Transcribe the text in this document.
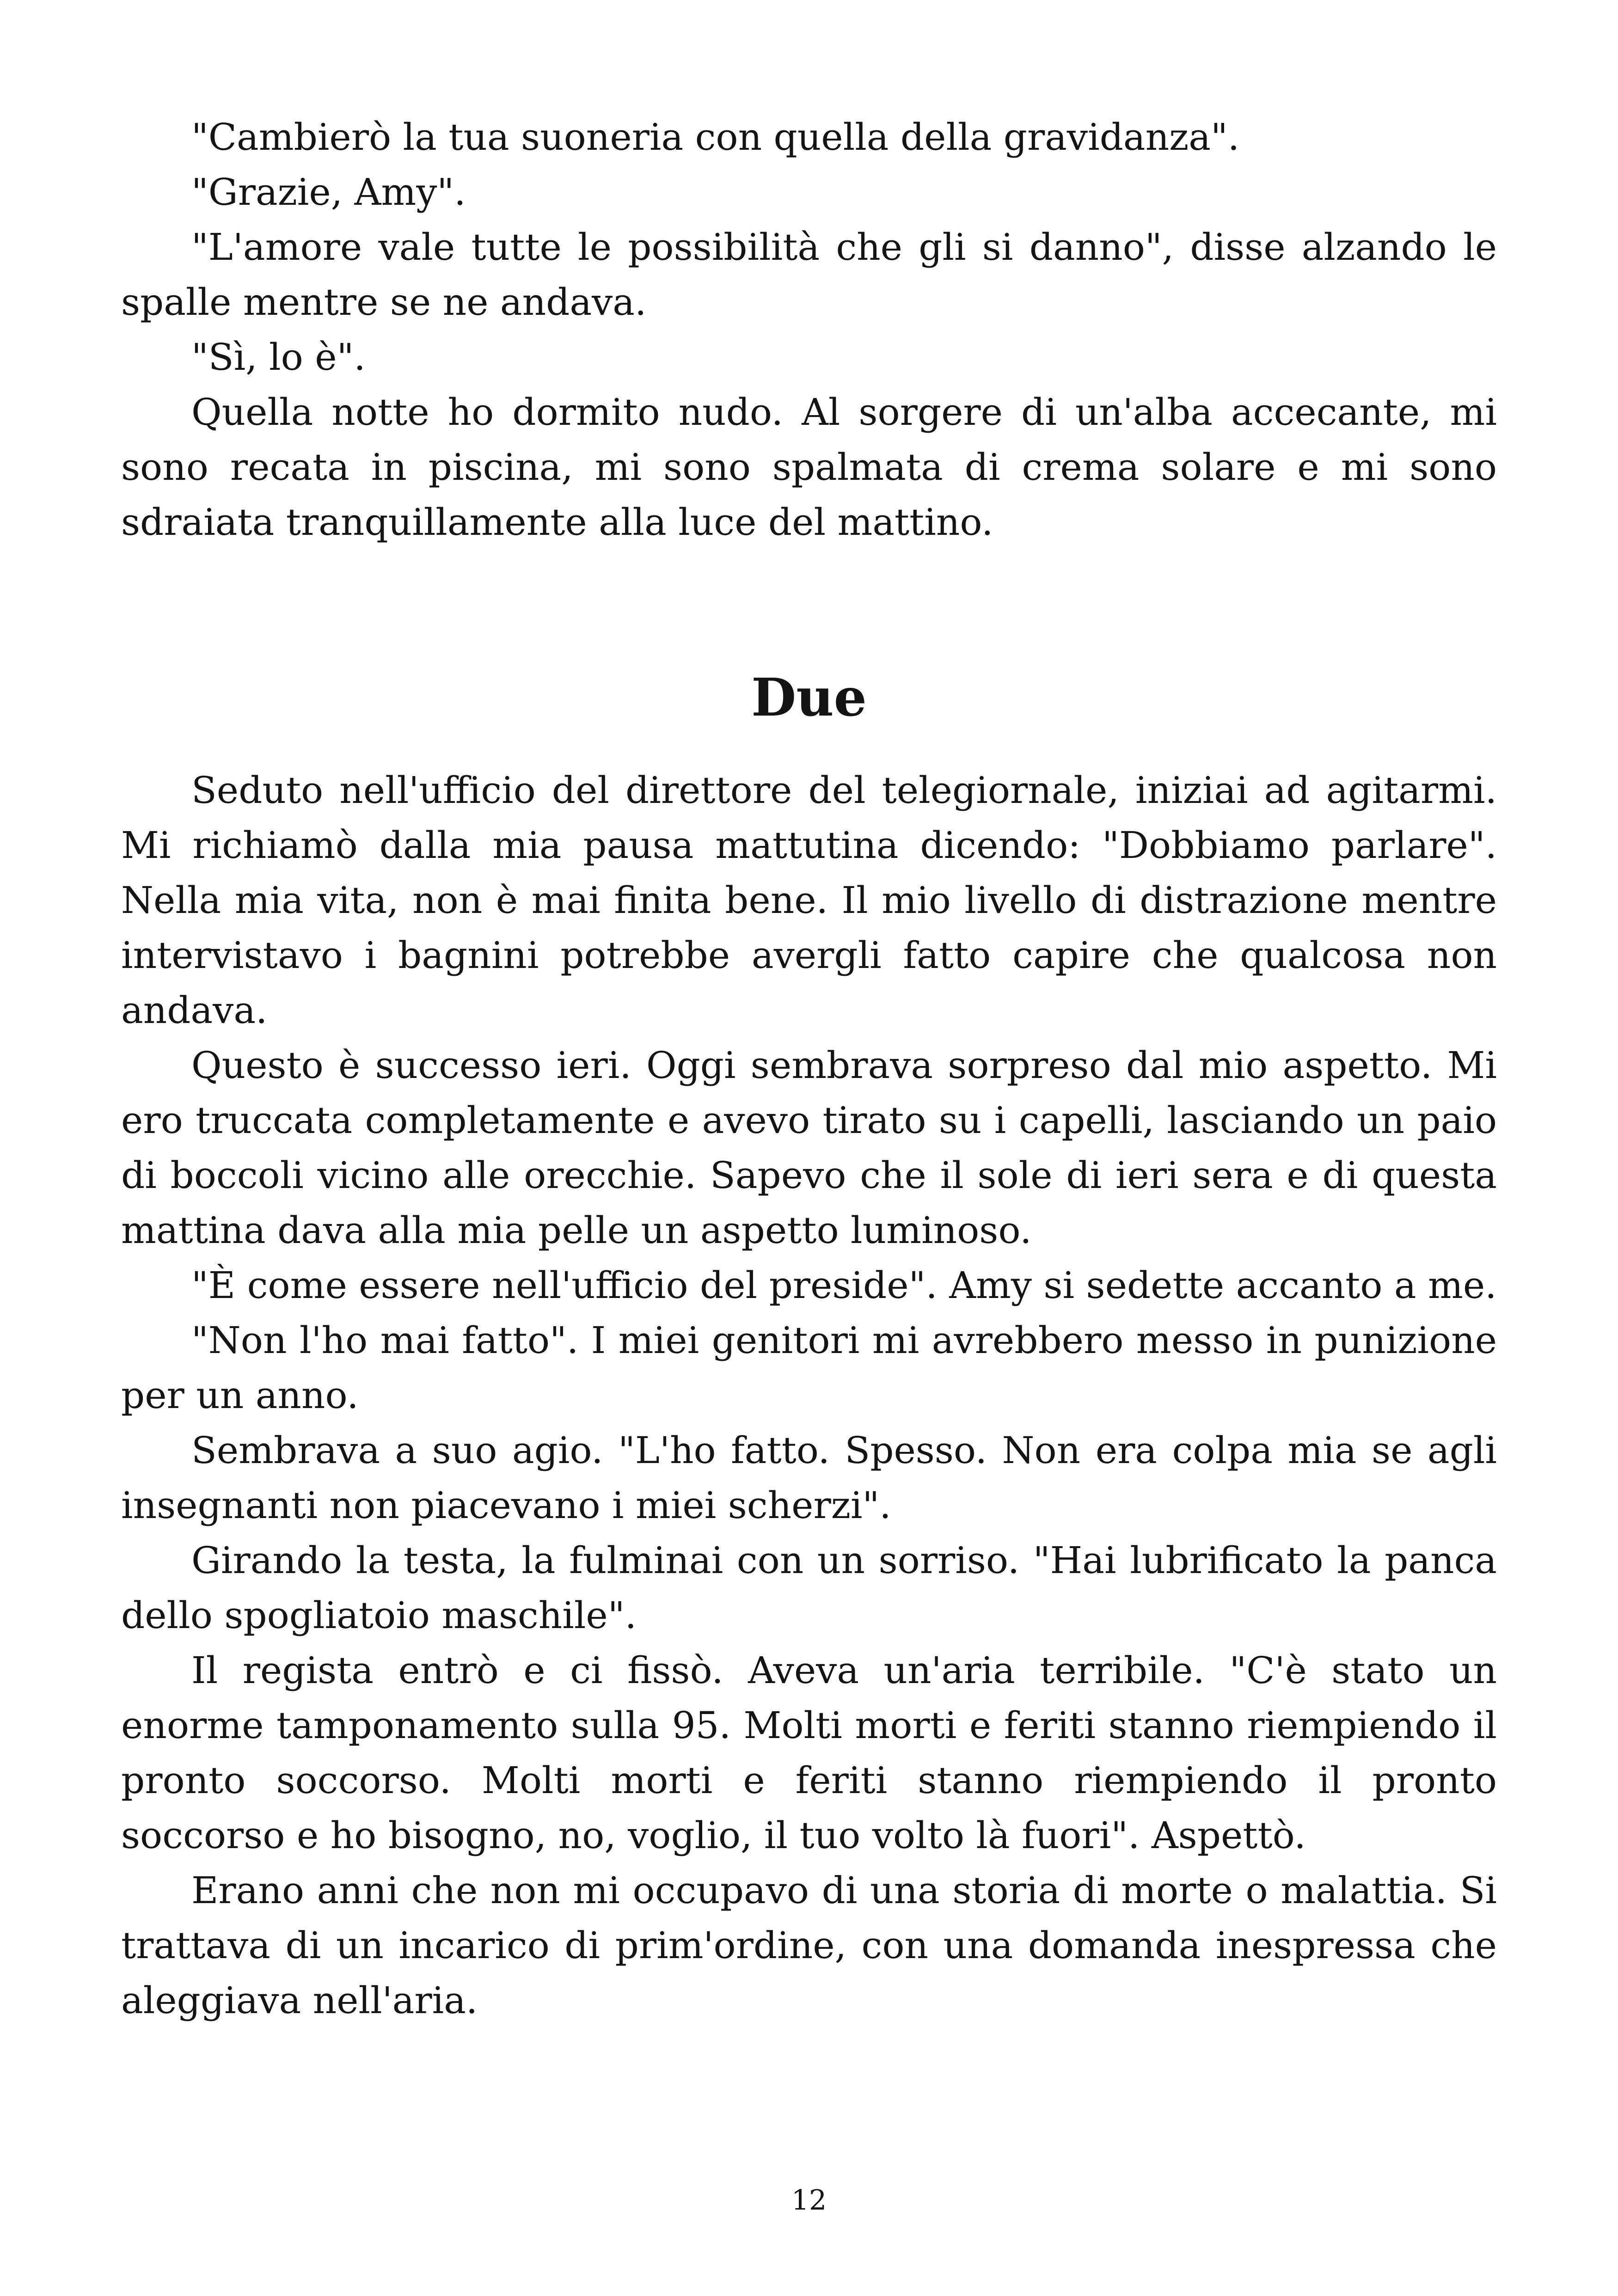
"Cambierò la tua suoneria con quella della gravidanza".

"Grazie, Amy".

"L'amore vale tutte le possibilità che gli si danno", disse alzando le spalle mentre se ne andava.

"Sì, lo è".

Quella notte ho dormito nudo. Al sorgere di un'alba accecante, mi sono recata in piscina, mi sono spalmata di crema solare e mi sono sdraiata tranquillamente alla luce del mattino.

Due

Seduto nell'ufficio del direttore del telegiornale, iniziai ad agitarmi. Mi richiamò dalla mia pausa mattutina dicendo: "Dobbiamo parlare". Nella mia vita, non è mai finita bene. Il mio livello di distrazione mentre intervistavo i bagnini potrebbe avergli fatto capire che qualcosa non andava.

Questo è successo ieri. Oggi sembrava sorpreso dal mio aspetto. Mi ero truccata completamente e avevo tirato su i capelli, lasciando un paio di boccoli vicino alle orecchie. Sapevo che il sole di ieri sera e di questa mattina dava alla mia pelle un aspetto luminoso.

"È come essere nell'ufficio del preside". Amy si sedette accanto a me.

"Non l'ho mai fatto". I miei genitori mi avrebbero messo in punizione per un anno.

Sembrava a suo agio. "L'ho fatto. Spesso. Non era colpa mia se agli insegnanti non piacevano i miei scherzi".

Girando la testa, la fulminai con un sorriso. "Hai lubrificato la panca dello spogliatoio maschile".

Il regista entrò e ci fissò. Aveva un'aria terribile. "C'è stato un enorme tamponamento sulla 95. Molti morti e feriti stanno riempiendo il pronto soccorso. Molti morti e feriti stanno riempiendo il pronto soccorso e ho bisogno, no, voglio, il tuo volto là fuori". Aspettò.

Erano anni che non mi occupavo di una storia di morte o malattia. Si trattava di un incarico di prim'ordine, con una domanda inespressa che aleggiava nell'aria.

12
